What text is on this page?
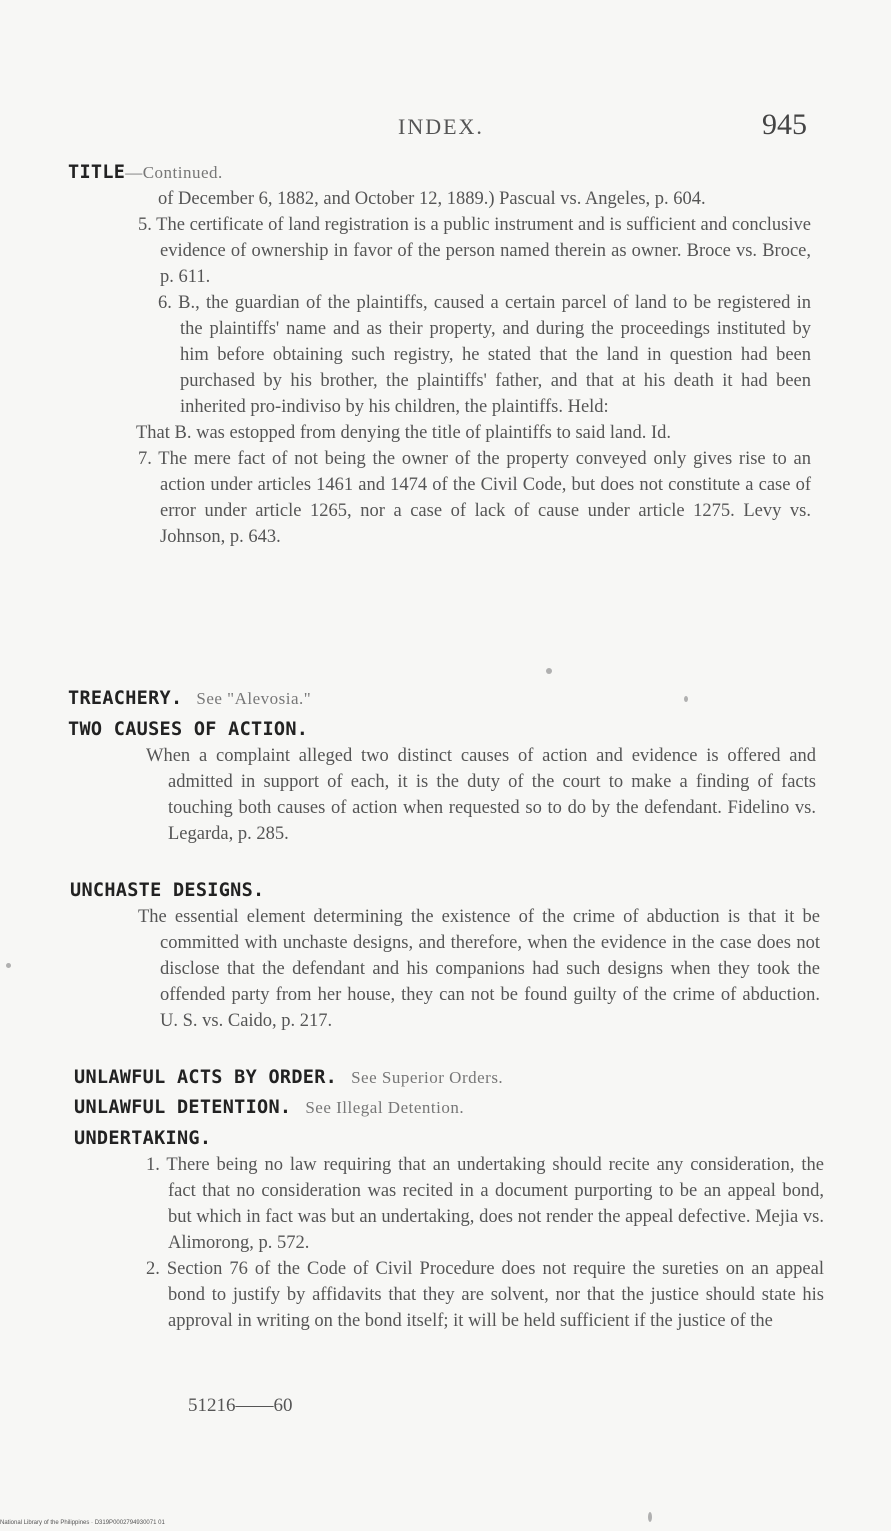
INDEX.	945
TITLE—Continued.

of December 6, 1882, and October 12, 1889.) Pascual vs. Angeles, p. 604.

5. The certificate of land registration is a public instrument and is sufficient and conclusive evidence of ownership in favor of the person named therein as owner. Broce vs. Broce, p. 611.

6. B., the guardian of the plaintiffs, caused a certain parcel of land to be registered in the plaintiffs' name and as their property, and during the proceedings instituted by him before obtaining such registry, he stated that the land in question had been purchased by his brother, the plaintiffs' father, and that at his death it had been inherited pro-indiviso by his children, the plaintiffs. Held:

That B. was estopped from denying the title of plaintiffs to said land. Id.

7. The mere fact of not being the owner of the property conveyed only gives rise to an action under articles 1461 and 1474 of the Civil Code, but does not constitute a case of error under article 1265, nor a case of lack of cause under article 1275. Levy vs. Johnson, p. 643.

TREACHERY. See "Alevosia."
TWO CAUSES OF ACTION.

When a complaint alleged two distinct causes of action and evidence is offered and admitted in support of each, it is the duty of the court to make a finding of facts touching both causes of action when requested so to do by the defendant. Fidelino vs. Legarda, p. 285.

UNCHASTE DESIGNS.

The essential element determining the existence of the crime of abduction is that it be committed with unchaste designs, and therefore, when the evidence in the case does not disclose that the defendant and his companions had such designs when they took the offended party from her house, they can not be found guilty of the crime of abduction. U. S. vs. Caido, p. 217.

UNLAWFUL ACTS BY ORDER. See Superior Orders.
UNLAWFUL DETENTION. See Illegal Detention.
UNDERTAKING.

1. There being no law requiring that an undertaking should recite any consideration, the fact that no consideration was recited in a document purporting to be an appeal bond, but which in fact was but an undertaking, does not render the appeal defective. Mejia vs. Alimorong, p. 572.

2. Section 76 of the Code of Civil Procedure does not require the sureties on an appeal bond to justify by affidavits that they are solvent, nor that the justice should state his approval in writing on the bond itself; it will be held sufficient if the justice of the

51216——60
National Library of the Philippines · D319P0002794930071 01
